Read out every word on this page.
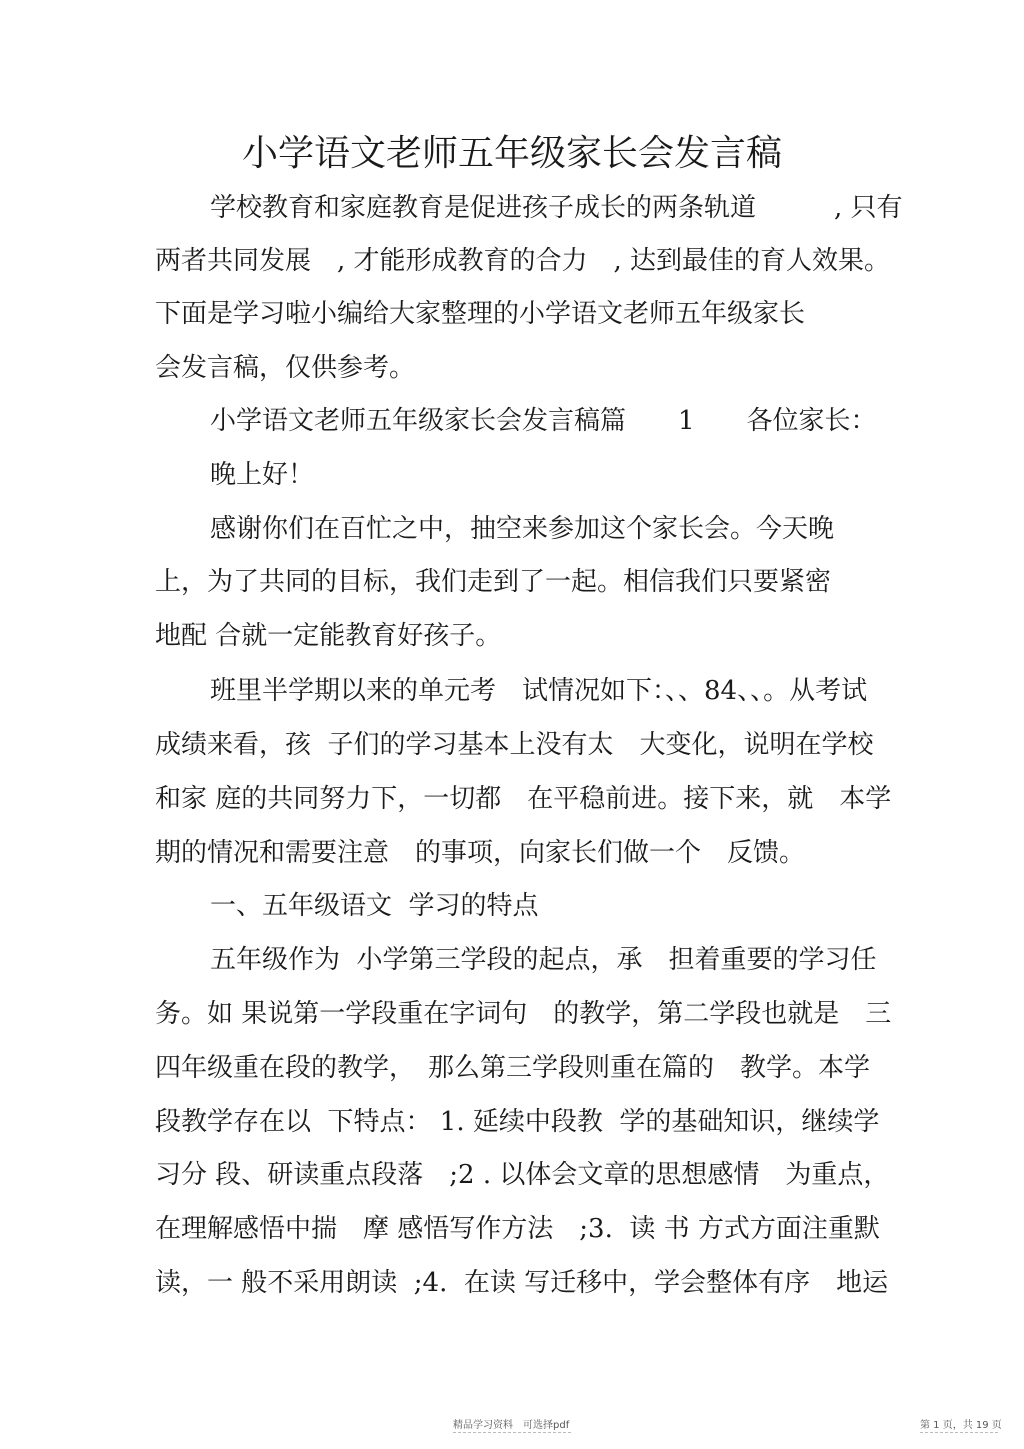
小学语文老师五年级家长会发言稿
学校教育和家庭教育是促进孩子成长的两条轨道　　　, 只有
两者共同发展　, 才能形成教育的合力　, 达到最佳的育人效果。
下面是学习啦小编给大家整理的小学语文老师五年级家长
会发言稿，仅供参考。
小学语文老师五年级家长会发言稿篇　　1　　各位家长：
晚上好！
感谢你们在百忙之中，抽空来参加这个家长会。今天晚
上，为了共同的目标，我们走到了一起。相信我们只要紧密
地配 合就一定能教育好孩子。
班里半学期以来的单元考　试情况如下：、、84、、。从考试
成绩来看，孩  子们的学习基本上没有太　大变化，说明在学校
和家 庭的共同努力下，一切都　在平稳前进。接下来，就　本学
期的情况和需要注意　的事项，向家长们做一个　反馈。
一、五年级语文  学习的特点
五年级作为  小学第三学段的起点，承　担着重要的学习任
务。如 果说第一学段重在字词句　的教学，第二学段也就是　三
四年级重在段的教学，　那么第三学段则重在篇的　教学。本学
段教学存在以  下特点： 1. 延续中段教  学的基础知识，继续学
习分 段、研读重点段落　;2 . 以体会文章的思想感情　为重点，
在理解感悟中揣　摩 感悟写作方法　;3.  读 书 方式方面注重默
读，一 般不采用朗读  ;4.  在读 写迁移中，学会整体有序　地运
精品学习资料　可选择pdf	第 1 页，共 19 页
